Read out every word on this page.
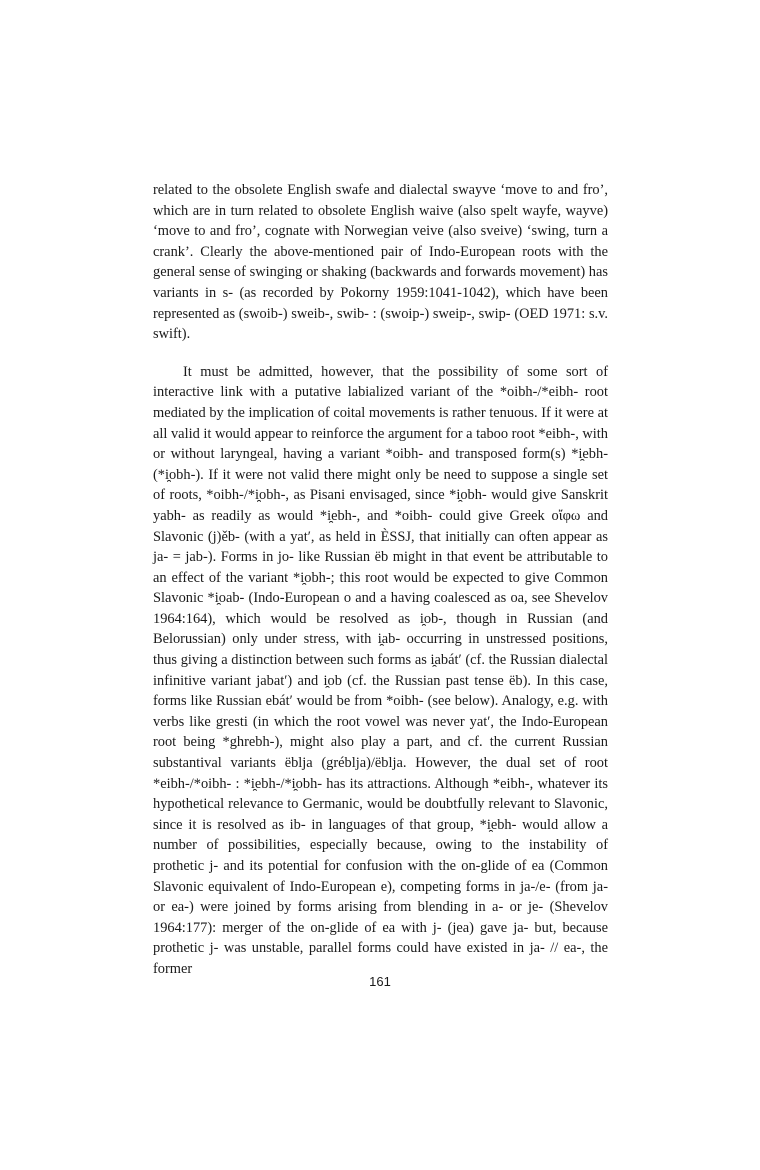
related to the obsolete English swafe and dialectal swayve ‘move to and fro’, which are in turn related to obsolete English waive (also spelt wayfe, wayve) ‘move to and fro’, cognate with Norwegian veive (also sveive) ‘swing, turn a crank’. Clearly the above-mentioned pair of Indo-European roots with the general sense of swinging or shaking (backwards and forwards movement) has variants in s- (as recorded by Pokorny 1959:1041-1042), which have been represented as (swoib-) sweib-, swib- : (swoip-) sweip-, swip- (OED 1971: s.v. swift).

It must be admitted, however, that the possibility of some sort of interactive link with a putative labialized variant of the *oibh-/*eibh- root mediated by the implication of coital movements is rather tenuous. If it were at all valid it would appear to reinforce the argument for a taboo root *eibh-, with or without laryngeal, having a variant *oibh- and transposed form(s) *i̯ebh- (*i̯obh-). If it were not valid there might only be need to suppose a single set of roots, *oibh-/*i̯obh-, as Pisani envisaged, since *i̯obh- would give Sanskrit yabh- as readily as would *i̯ebh-, and *oibh- could give Greek οἴφω and Slavonic (j)ěb- (with a yat′, as held in ÈSSJ, that initially can often appear as ja- = jab-). Forms in jo- like Russian ëb might in that event be attributable to an effect of the variant *i̯obh-; this root would be expected to give Common Slavonic *i̯oab- (Indo-European o and a having coalesced as oa, see Shevelov 1964:164), which would be resolved as i̯ob-, though in Russian (and Belorussian) only under stress, with i̯ab- occurring in unstressed positions, thus giving a distinction between such forms as i̯abát′ (cf. the Russian dialectal infinitive variant jabat′) and i̯ob (cf. the Russian past tense ëb). In this case, forms like Russian ebát′ would be from *oibh- (see below). Analogy, e.g. with verbs like gresti (in which the root vowel was never yat′, the Indo-European root being *ghrebh-), might also play a part, and cf. the current Russian substantival variants ëblja (gréblja)/ëblja. However, the dual set of root *eibh-/*oibh- : *i̯ebh-/*i̯obh- has its attractions. Although *eibh-, whatever its hypothetical relevance to Germanic, would be doubtfully relevant to Slavonic, since it is resolved as ib- in languages of that group, *i̯ebh- would allow a number of possibilities, especially because, owing to the instability of prothetic j- and its potential for confusion with the on-glide of ea (Common Slavonic equivalent of Indo-European e), competing forms in ja-/e- (from ja- or ea-) were joined by forms arising from blending in a- or je- (Shevelov 1964:177): merger of the on-glide of ea with j- (jea) gave ja- but, because prothetic j- was unstable, parallel forms could have existed in ja- // ea-, the former

161
